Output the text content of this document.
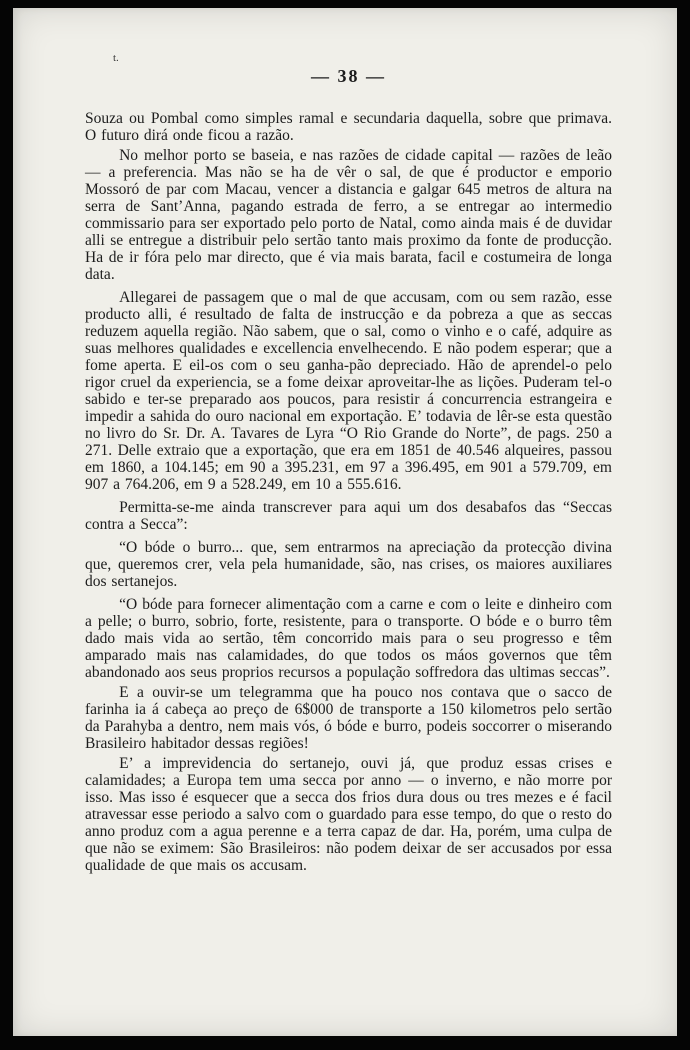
t.
— 38 —

Souza ou Pombal como simples ramal e secundaria daquella, sobre que primava. O futuro dirá onde ficou a razão.

No melhor porto se baseia, e nas razões de cidade capital — razões de leão — a preferencia. Mas não se ha de vêr o sal, de que é productor e emporio Mossoró de par com Macau, vencer a distancia e galgar 645 metros de altura na serra de Sant’Anna, pagando estrada de ferro, a se entregar ao intermedio commissario para ser exportado pelo porto de Natal, como ainda mais é de duvidar alli se entregue a distribuir pelo sertão tanto mais proximo da fonte de producção. Ha de ir fóra pelo mar directo, que é via mais barata, facil e costumeira de longa data.

Allegarei de passagem que o mal de que accusam, com ou sem razão, esse producto alli, é resultado de falta de instrucção e da pobreza a que as seccas reduzem aquella região. Não sabem, que o sal, como o vinho e o café, adquire as suas melhores qualidades e excellencia envelhecendo. E não podem esperar; que a fome aperta. E eil-os com o seu ganha-pão depreciado. Hão de aprendel-o pelo rigor cruel da experiencia, se a fome deixar aproveitar-lhe as lições. Puderam tel-o sabido e ter-se preparado aos poucos, para resistir á concurrencia estrangeira e impedir a sahida do ouro nacional em exportação. E’ todavia de lêr-se esta questão no livro do Sr. Dr. A. Tavares de Lyra “O Rio Grande do Norte”, de pags. 250 a 271. Delle extraio que a exportação, que era em 1851 de 40.546 alqueires, passou em 1860, a 104.145; em 90 a 395.231, em 97 a 396.495, em 901 a 579.709, em 907 a 764.206, em 9 a 528.249, em 10 a 555.616.

Permitta-se-me ainda transcrever para aqui um dos desabafos das “Seccas contra a Secca”:

“O bóde o burro... que, sem entrarmos na apreciação da protecção divina que, queremos crer, vela pela humanidade, são, nas crises, os maiores auxiliares dos sertanejos.

“O bóde para fornecer alimentação com a carne e com o leite e dinheiro com a pelle; o burro, sobrio, forte, resistente, para o transporte. O bóde e o burro têm dado mais vida ao sertão, têm concorrido mais para o seu progresso e têm amparado mais nas calamidades, do que todos os máos governos que têm abandonado aos seus proprios recursos a população soffredora das ultimas seccas”.

E a ouvir-se um telegramma que ha pouco nos contava que o sacco de farinha ia á cabeça ao preço de 6$000 de transporte a 150 kilometros pelo sertão da Parahyba a dentro, nem mais vós, ó bóde e burro, podeis soccorrer o miserando Brasileiro habitador dessas regiões!

E’ a imprevidencia do sertanejo, ouvi já, que produz essas crises e calamidades; a Europa tem uma secca por anno — o inverno, e não morre por isso. Mas isso é esquecer que a secca dos frios dura dous ou tres mezes e é facil atravessar esse periodo a salvo com o guardado para esse tempo, do que o resto do anno produz com a agua perenne e a terra capaz de dar. Ha, porém, uma culpa de que não se eximem: São Brasileiros: não podem deixar de ser accusados por essa qualidade de que mais os accusam.
